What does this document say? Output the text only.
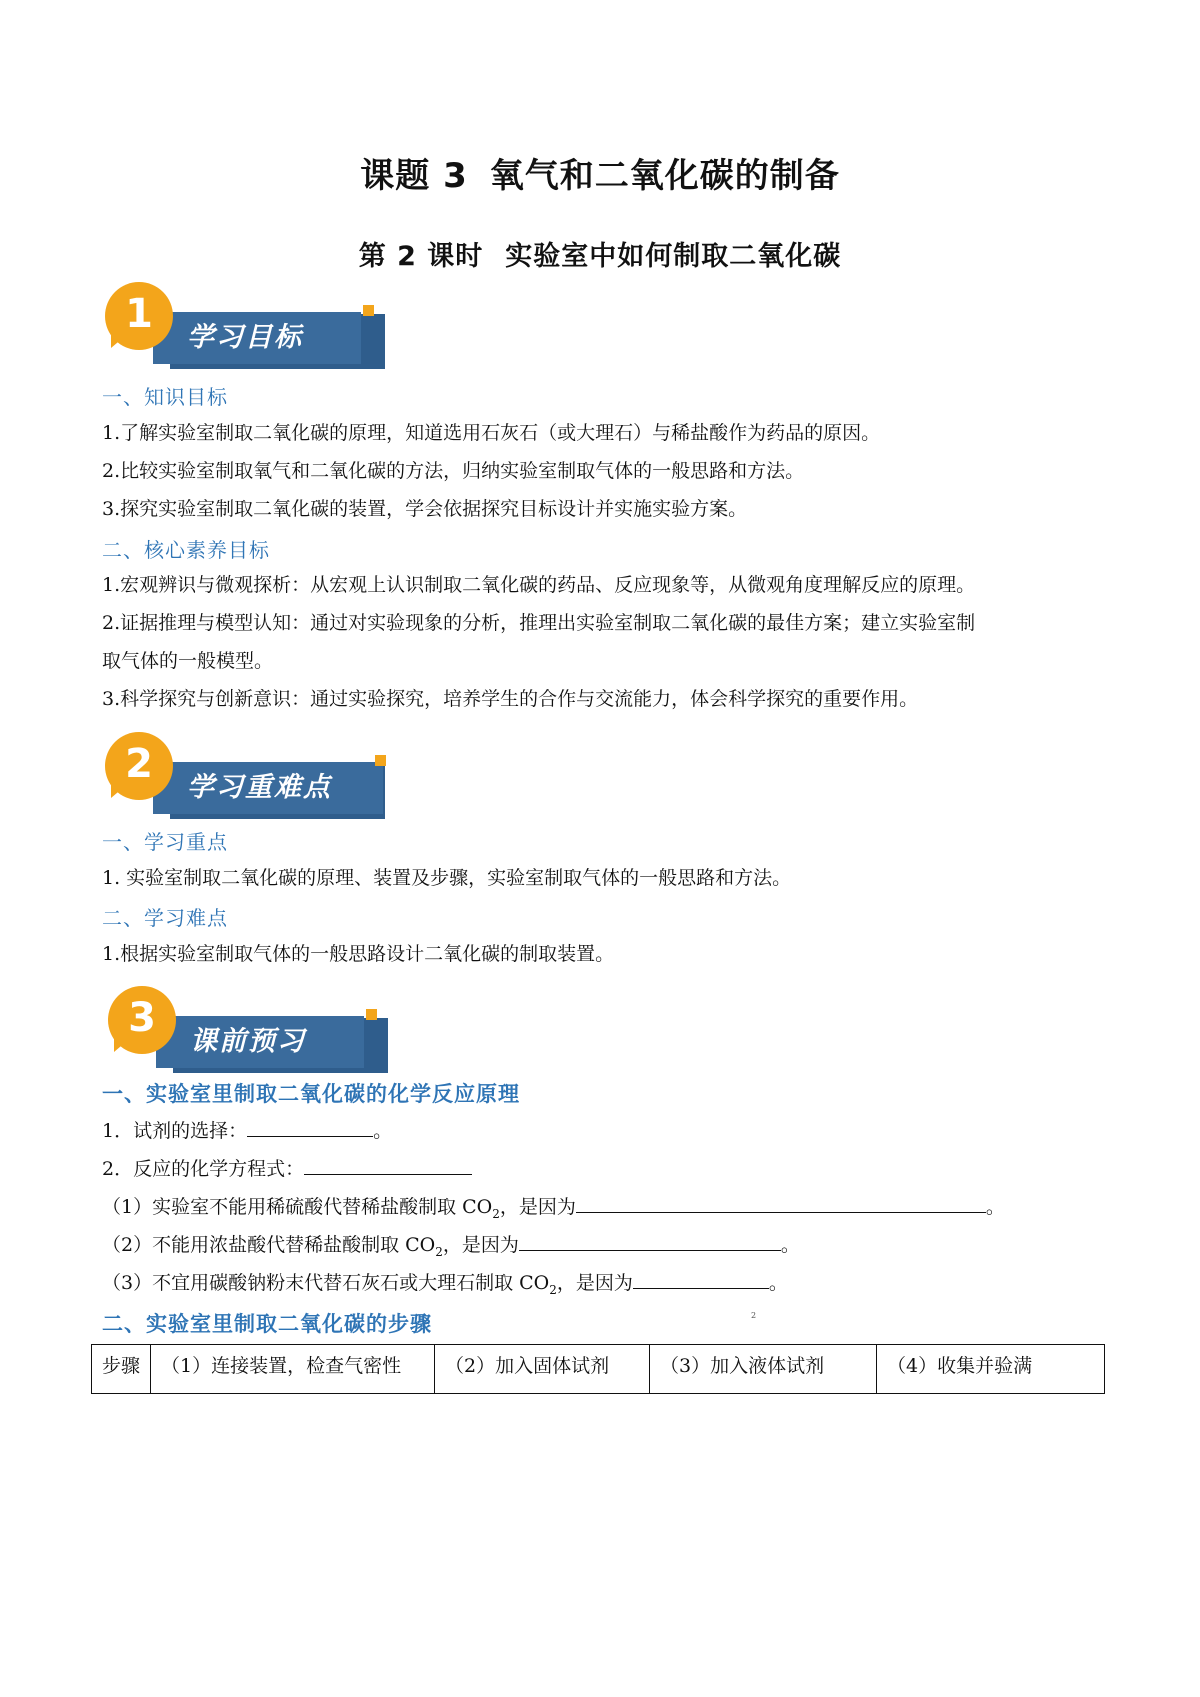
课题 3 氧气和二氧化碳的制备
第 2 课时 实验室中如何制取二氧化碳
学习目标
1
一、知识目标
1.了解实验室制取二氧化碳的原理，知道选用石灰石（或大理石）与稀盐酸作为药品的原因。
2.比较实验室制取氧气和二氧化碳的方法，归纳实验室制取气体的一般思路和方法。
3.探究实验室制取二氧化碳的装置，学会依据探究目标设计并实施实验方案。
二、核心素养目标
1.宏观辨识与微观探析：从宏观上认识制取二氧化碳的药品、反应现象等，从微观角度理解反应的原理。
2.证据推理与模型认知：通过对实验现象的分析，推理出实验室制取二氧化碳的最佳方案；建立实验室制
取气体的一般模型。
3.科学探究与创新意识：通过实验探究，培养学生的合作与交流能力，体会科学探究的重要作用。
学习重难点
2
一、学习重点
1. 实验室制取二氧化碳的原理、装置及步骤，实验室制取气体的一般思路和方法。
二、学习难点
1.根据实验室制取气体的一般思路设计二氧化碳的制取装置。
课前预习
3
一、实验室里制取二氧化碳的化学反应原理
1．试剂的选择：	。
2．反应的化学方程式：
（1）实验室不能用稀硫酸代替稀盐酸制取 $CO_2$，是因为	。
（2）不能用浓盐酸代替稀盐酸制取 $CO_2$，是因为	。
（3）不宜用碳酸钠粉末代替石灰石或大理石制取 $CO_2$，是因为	。
二、实验室里制取二氧化碳的步骤	2
步骤	（1）连接装置，检查气密性	（2）加入固体试剂	（3）加入液体试剂	（4）收集并验满
